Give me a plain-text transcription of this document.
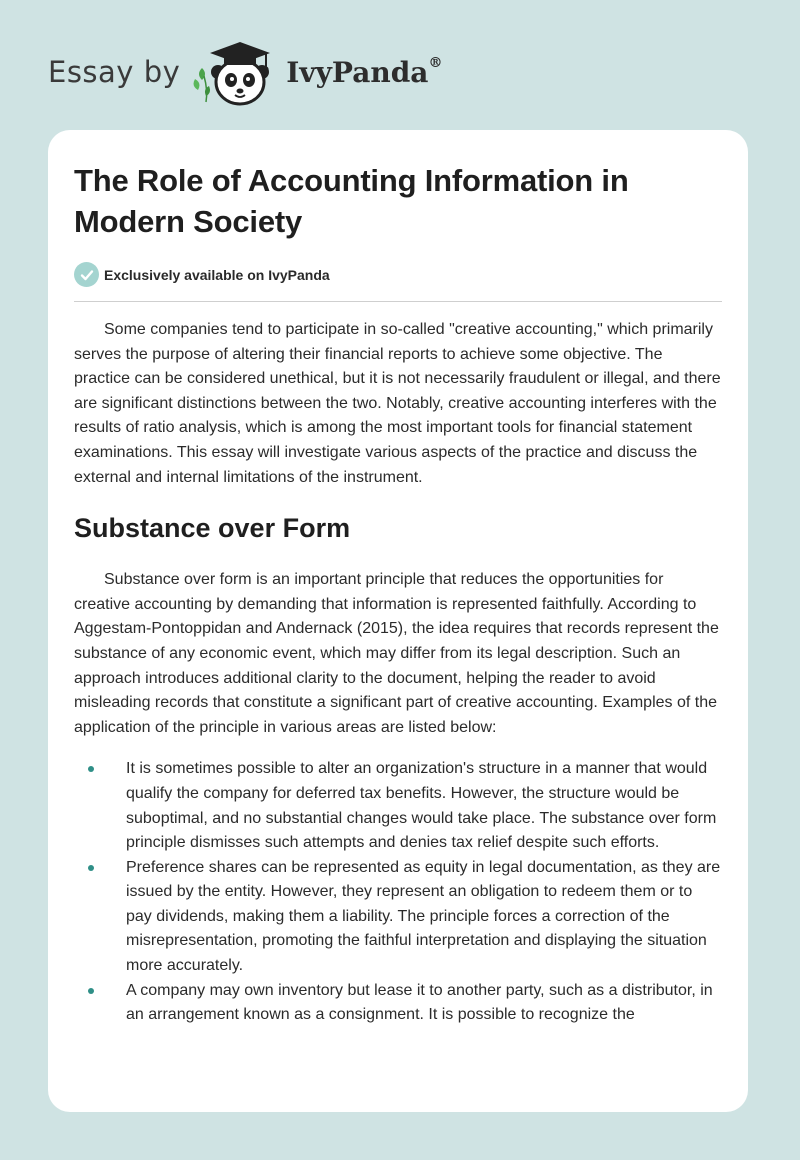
Essay by	IvyPanda®
The Role of Accounting Information in Modern Society
Exclusively available on IvyPanda

Some companies tend to participate in so-called "creative accounting," which primarily serves the purpose of altering their financial reports to achieve some objective. The practice can be considered unethical, but it is not necessarily fraudulent or illegal, and there are significant distinctions between the two. Notably, creative accounting interferes with the results of ratio analysis, which is among the most important tools for financial statement examinations. This essay will investigate various aspects of the practice and discuss the external and internal limitations of the instrument.

Substance over Form

Substance over form is an important principle that reduces the opportunities for creative accounting by demanding that information is represented faithfully. According to Aggestam-Pontoppidan and Andernack (2015), the idea requires that records represent the substance of any economic event, which may differ from its legal description. Such an approach introduces additional clarity to the document, helping the reader to avoid misleading records that constitute a significant part of creative accounting. Examples of the application of the principle in various areas are listed below:

It is sometimes possible to alter an organization's structure in a manner that would qualify the company for deferred tax benefits. However, the structure would be suboptimal, and no substantial changes would take place. The substance over form principle dismisses such attempts and denies tax relief despite such efforts.
Preference shares can be represented as equity in legal documentation, as they are issued by the entity. However, they represent an obligation to redeem them or to pay dividends, making them a liability. The principle forces a correction of the misrepresentation, promoting the faithful interpretation and displaying the situation more accurately.
A company may own inventory but lease it to another party, such as a distributor, in an arrangement known as a consignment. It is possible to recognize the
